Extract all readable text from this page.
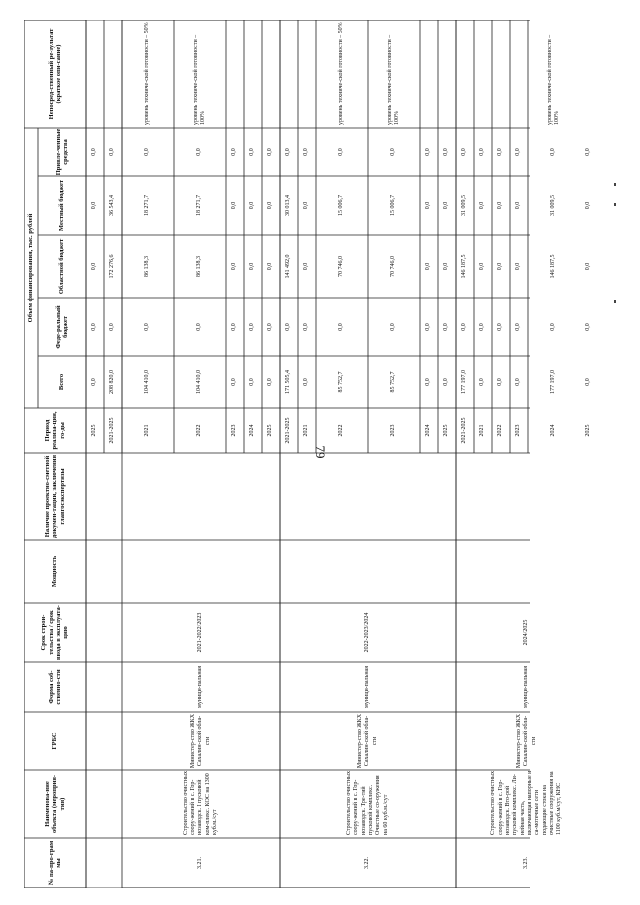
79
№ па-про-грам мы
Наименова-ние объекта (мероприя-тия)
ГРБС
Форма соб-ственно-сти
Срок строи-тельства / срок ввода в эксплуата-цию
Мощность
Наличие проектно-сметной докумен-тации, заключения главгосэкспертизы
Период реализа-ции, го-ды
Объем финансирования, тыс. рублей
Всего
Феде-ральный бюджет
Областной бюджет
Местный бюджет
Привле-ченные средства
Непосред-ственный ре-зультат (краткое опи-сание)
2025
0,0
0,0
0,0
0,0
0,0
2021-2025
208 820,0
0,0
172 276,6
36 543,4
0,0
2021
104 410,0
0,0
86 138,3
18 271,7
0,0
уровень техниче-ской готовности – 50%
2022
104 410,0
0,0
86 138,3
18 271,7
0,0
уровень техниче-ской готовности – 100%
2023
0,0
0,0
0,0
0,0
0,0
2024
0,0
0,0
0,0
0,0
0,0
2025
0,0
0,0
0,0
0,0
0,0
3.21.
Строительство очистных соору-жений в с. Гор-нозаводск. I пусковой ком-плекс. КОС на 1300 куб.м./сут
Министер-ство ЖКХ Сахалин-ской обла-сти
муници-пальная
2021-2022/2023
2021-2025
171 505,4
0,0
141 492,0
30 013,4
0,0
2021
0,0
0,0
0,0
0,0
0,0
2022
85 752,7
0,0
70 746,0
15 006,7
0,0
уровень техниче-ской готовности – 50%
2023
85 752,7
0,0
70 746,0
15 006,7
0,0
уровень техниче-ской готовности – 100%
2024
0,0
0,0
0,0
0,0
0,0
2025
0,0
0,0
0,0
0,0
0,0
3.22.
Строительство очистных соору-жений в с. Гор-нозаводск. Тре-тий пусковой комплекс. Очистные со-оружения на 60 куб.м./сут
Министер-ство ЖКХ Сахалин-ской обла-сти
муници-пальная
2022-2023/2024
2021-2025
177 197,0
0,0
146 187,5
31 009,5
0,0
2021
0,0
0,0
0,0
0,0
0,0
2022
0,0
0,0
0,0
0,0
0,0
2023
0,0
0,0
0,0
0,0
0,0
2024
177 197,0
0,0
146 187,5
31 009,5
0,0
уровень техниче-ской готовности – 100%
2025
0,0
0,0
0,0
0,0
0,0
3.23.
Строительство очистных соору-жений в с. Гор-нозаводск. Вто-рой пусковой комплекс. Ли-нейная часть, включающая напорные и са-мотечные сети подающие стоки на очистные сооружения на 1100 куб.м/сут, КНС
Министер-ство ЖКХ Сахалин-ской обла-сти
муници-пальная
2024/2025
